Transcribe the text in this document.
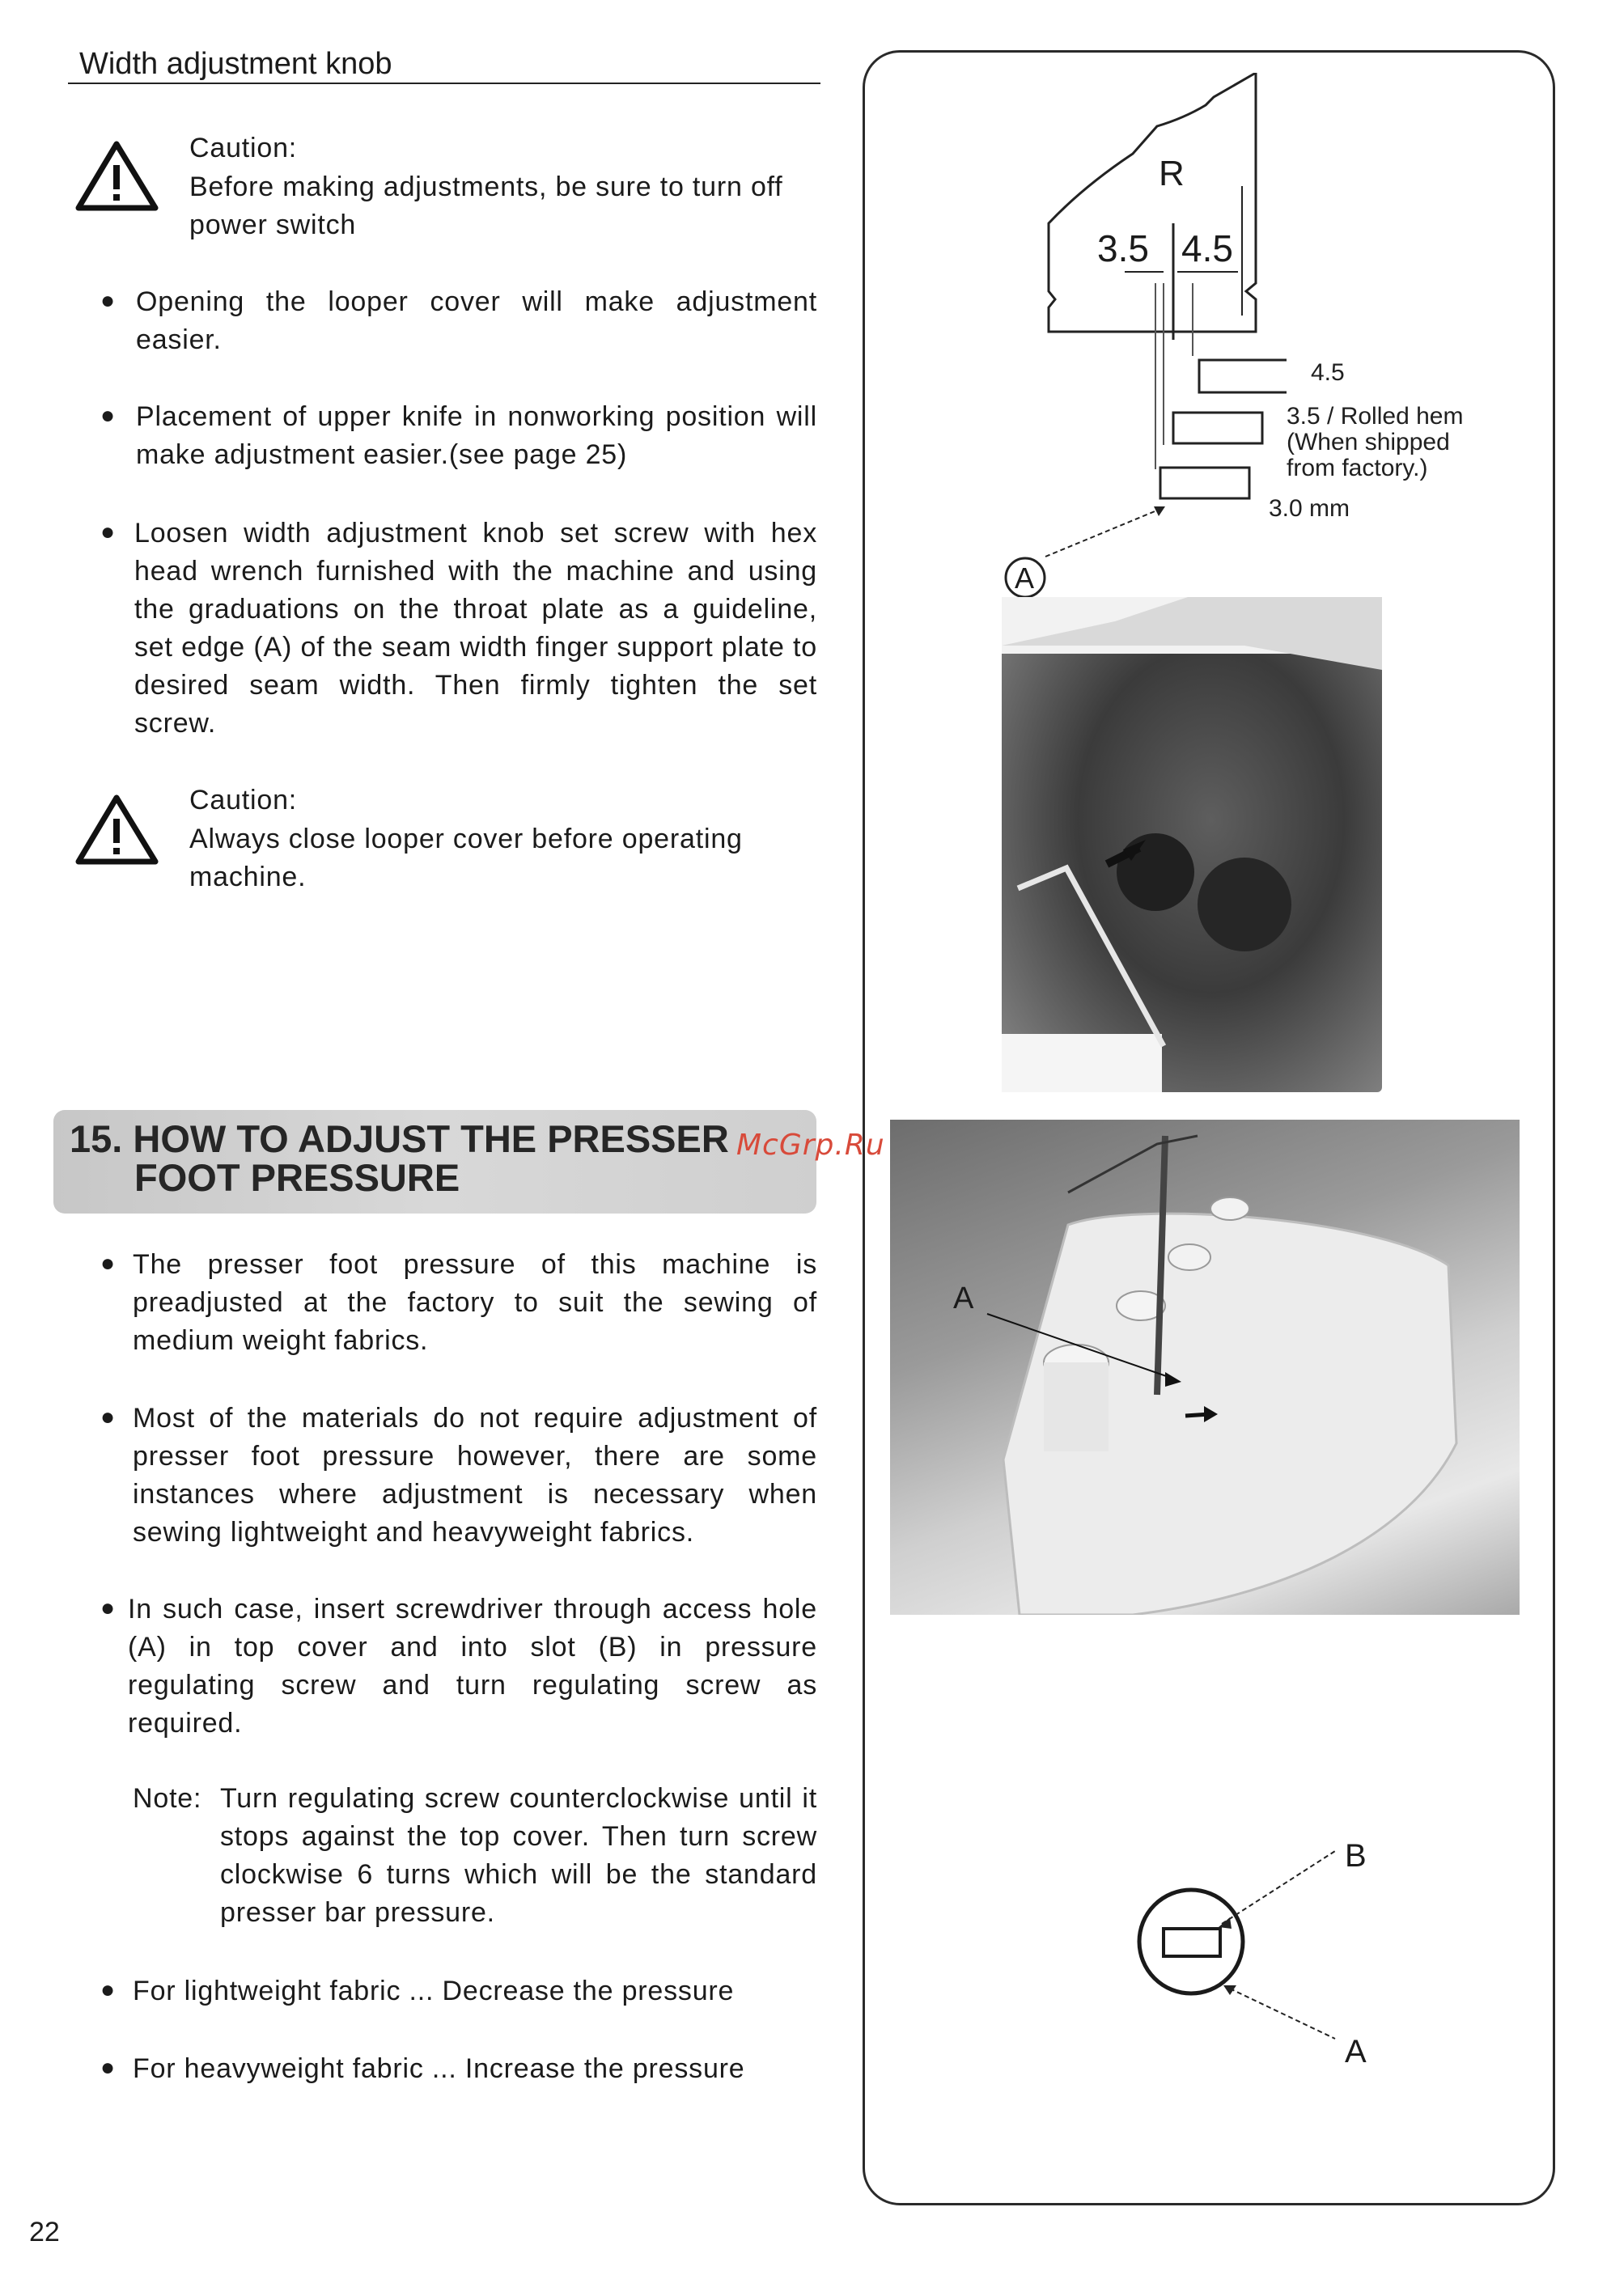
Width adjustment knob
Caution:
Before making adjustments, be sure to turn off power switch
● Opening the looper cover will make adjustment easier.
● Placement of upper knife in nonworking position will make adjustment easier.(see page 25)
● Loosen width adjustment knob set screw with hex head wrench furnished with the machine and using the graduations on the throat plate as a guideline, set edge (A) of the seam width finger support plate to desired seam width. Then firmly tighten the set screw.
Caution:
Always close looper cover before operating machine.
15. HOW TO ADJUST THE PRESSER
FOOT PRESSURE
McGrp.Ru
● The presser foot pressure of this machine is preadjusted at the factory to suit the sewing of medium weight fabrics.
● Most of the materials do not require adjustment of presser foot pressure however, there are some instances where adjustment is necessary when sewing lightweight and heavyweight fabrics.
● In such case, insert screwdriver through access hole (A) in top cover and into slot (B) in pressure regulating screw and turn regulating screw as required.
Note: Turn regulating screw counterclockwise until it stops against the top cover. Then turn screw clockwise 6 turns which will be the standard presser bar pressure.
● For lightweight fabric ... Decrease the pressure
● For heavyweight fabric ... Increase the pressure
22
R
3.5 4.5
4.5
3.5 / Rolled hem
(When shipped
from factory.)
3.0 mm
A
A
B
A
